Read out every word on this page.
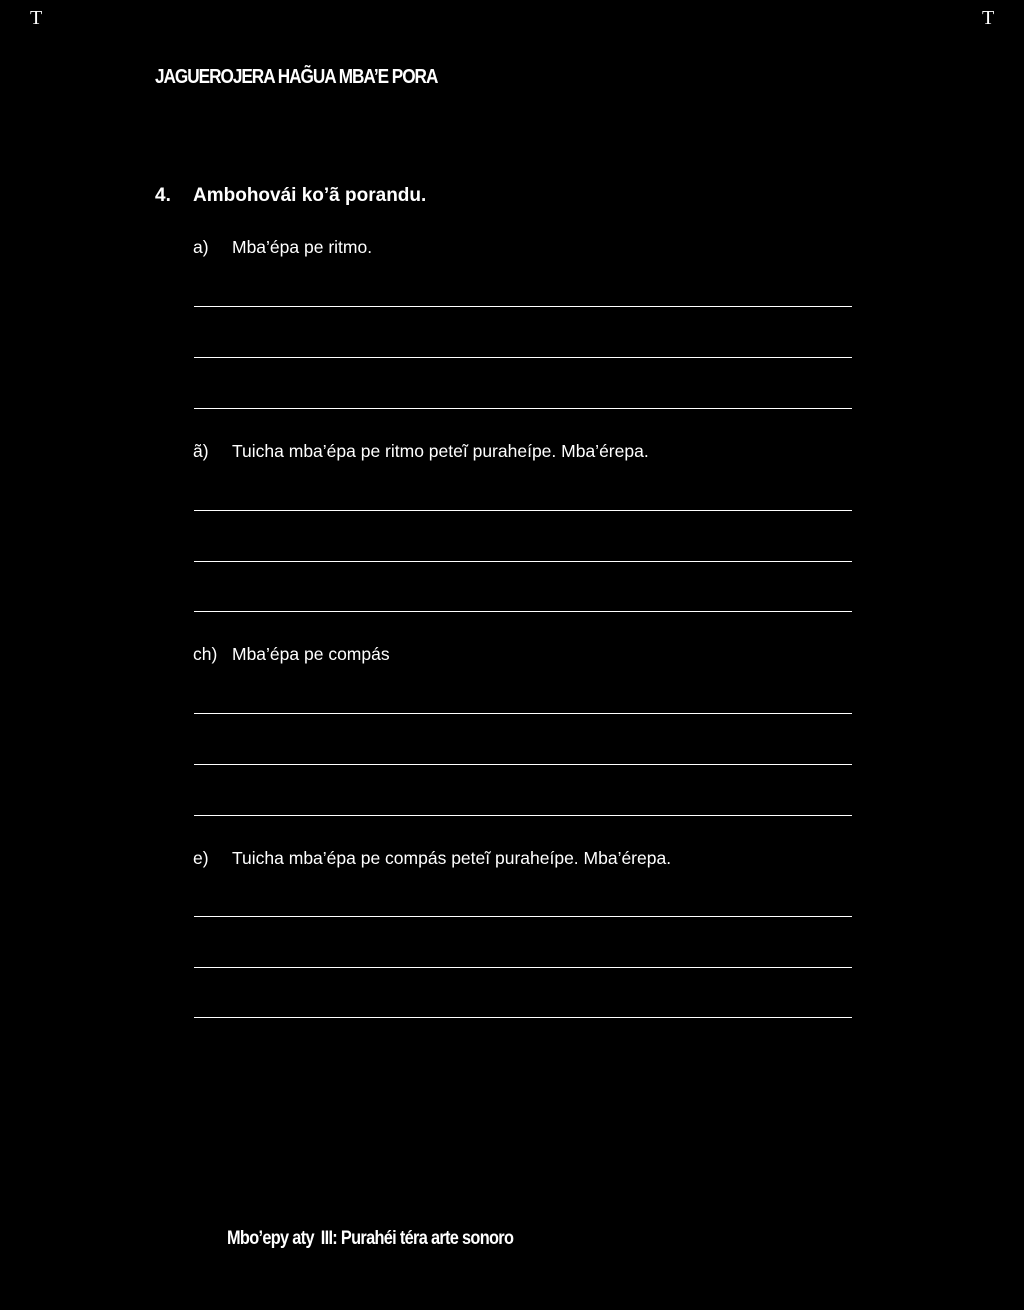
T	T
JAGUEROJERA HAG̃UA MBA’E PORA
4. Ambohovái ko’ã porandu.
a) Mba’épa pe ritmo.
ã) Tuicha mba’épa pe ritmo peteĩ puraheípe. Mba’érepa.
ch) Mba’épa pe compás
e) Tuicha mba’épa pe compás peteĩ puraheípe. Mba’érepa.
Mbo’epy aty III: Purahéi téra arte sonoro
